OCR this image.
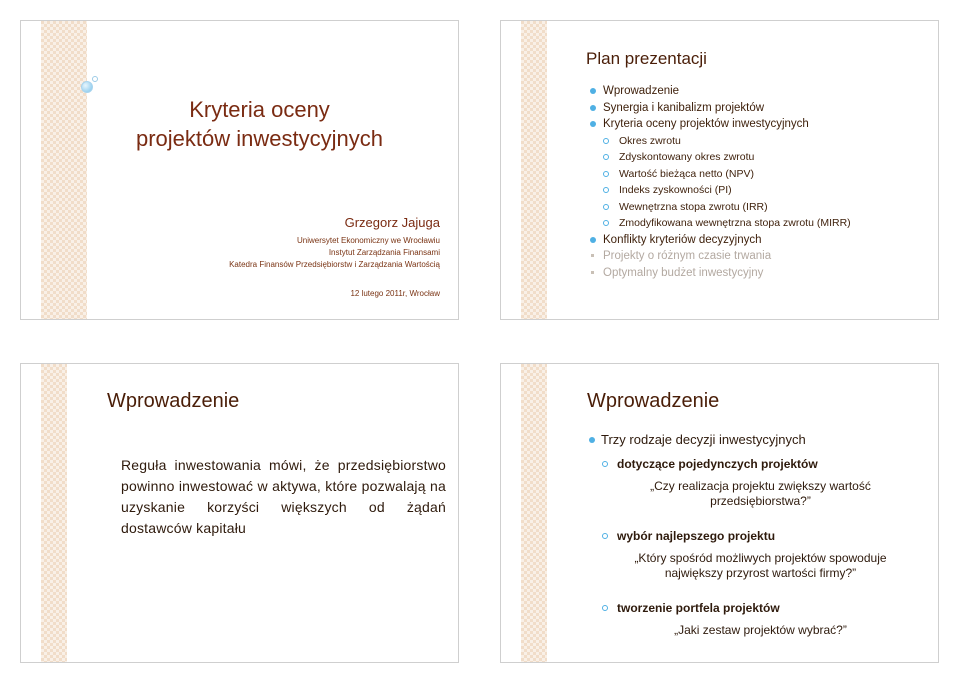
Kryteria oceny
projektów inwestycyjnych
Grzegorz Jajuga
Uniwersytet Ekonomiczny we Wrocławiu
Instytut Zarządzania Finansami
Katedra Finansów Przedsiębiorstw i Zarządzania Wartością
12 lutego 2011r, Wrocław
Plan prezentacji
Wprowadzenie
Synergia i kanibalizm projektów
Kryteria oceny projektów inwestycyjnych
Okres zwrotu
Zdyskontowany okres zwrotu
Wartość bieżąca netto (NPV)
Indeks zyskowności (PI)
Wewnętrzna stopa zwrotu (IRR)
Zmodyfikowana wewnętrzna stopa zwrotu (MIRR)
Konflikty kryteriów decyzyjnych
Projekty o różnym czasie trwania
Optymalny budżet inwestycyjny
Wprowadzenie
Reguła inwestowania mówi, że przedsiębiorstwo powinno inwestować w aktywa, które pozwalają na uzyskanie korzyści większych od żądań dostawców kapitału
Wprowadzenie
Trzy rodzaje decyzji inwestycyjnych
dotyczące pojedynczych projektów
„Czy realizacja projektu zwiększy wartość
przedsiębiorstwa?”
wybór najlepszego projektu
„Który spośród możliwych projektów spowoduje
największy przyrost wartości firmy?”
tworzenie portfela projektów
„Jaki zestaw projektów wybrać?”
